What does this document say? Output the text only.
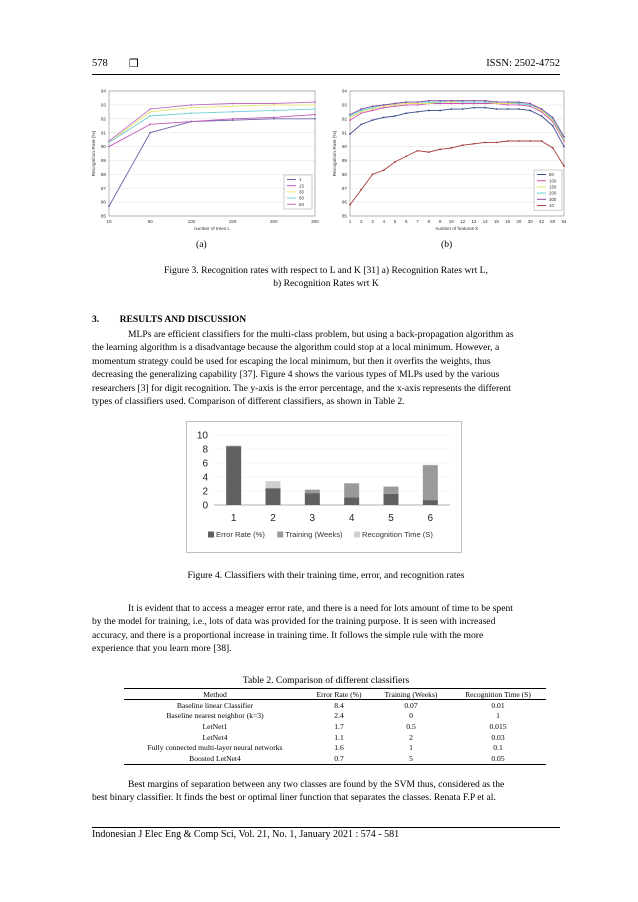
578 ❒	ISSN: 2502-4752
85
86
87
88
89
90
91
92
93
94
10	50	100	150	200	300
number of trees L
Recognition Rate (%)
1
15
30
60
84
85
86
87
88
89
90
91
92
93
94
1 2 3 4 5 6 7 8 9 10 12 13 14 15 16 20 30 42 60 84
number of features K
Recognition Rate (%)	50
100
150
200
300
10
(a)	(b)
Figure 3. Recognition rates with respect to L and K [31] a) Recognition Rates wrt L,
b) Recognition Rates wrt K
3. RESULTS AND DISCUSSION
MLPs are efficient classifiers for the multi-class problem, but using a back-propagation algorithm as
the learning algorithm is a disadvantage because the algorithm could stop at a local minimum. However, a
momentum strategy could be used for escaping the local minimum, but then it overfits the weights, thus
decreasing the generalizing capability [37]. Figure 4 shows the various types of MLPs used by the various
researchers [3] for digit recognition. The y-axis is the error percentage, and the x-axis represents the different
types of classifiers used. Comparison of different classifiers, as shown in Table 2.
0
2
4
6
8
10
1	2	3	4	5	6
Error Rate (%)	Training (Weeks)	Recognition Time (S)
Figure 4. Classifiers with their training time, error, and recognition rates
It is evident that to access a meager error rate, and there is a need for lots amount of time to be spent
by the model for training, i.e., lots of data was provided for the training purpose. It is seen with increased
accuracy, and there is a proportional increase in training time. It follows the simple rule with the more
experience that you learn more [38].
Table 2. Comparison of different classifiers
Method	Error Rate (%)	Training (Weeks)	Recognition Time (S)
Baseline linear Classifier	8.4	0.07	0.01
Baseline nearest neighbor (k=3)	2.4	0	1
LetNet1	1.7	0.5	0.015
LetNet4	1.1	2	0.03
Fully connected multi-layer neural networks	1.6	1	0.1
Boosted LetNet4	0.7	5	0.05
Best margins of separation between any two classes are found by the SVM thus, considered as the
best binary classifier. It finds the best or optimal liner function that separates the classes. Renata F.P et al.
Indonesian J Elec Eng & Comp Sci, Vol. 21, No. 1, January 2021 : 574 - 581
